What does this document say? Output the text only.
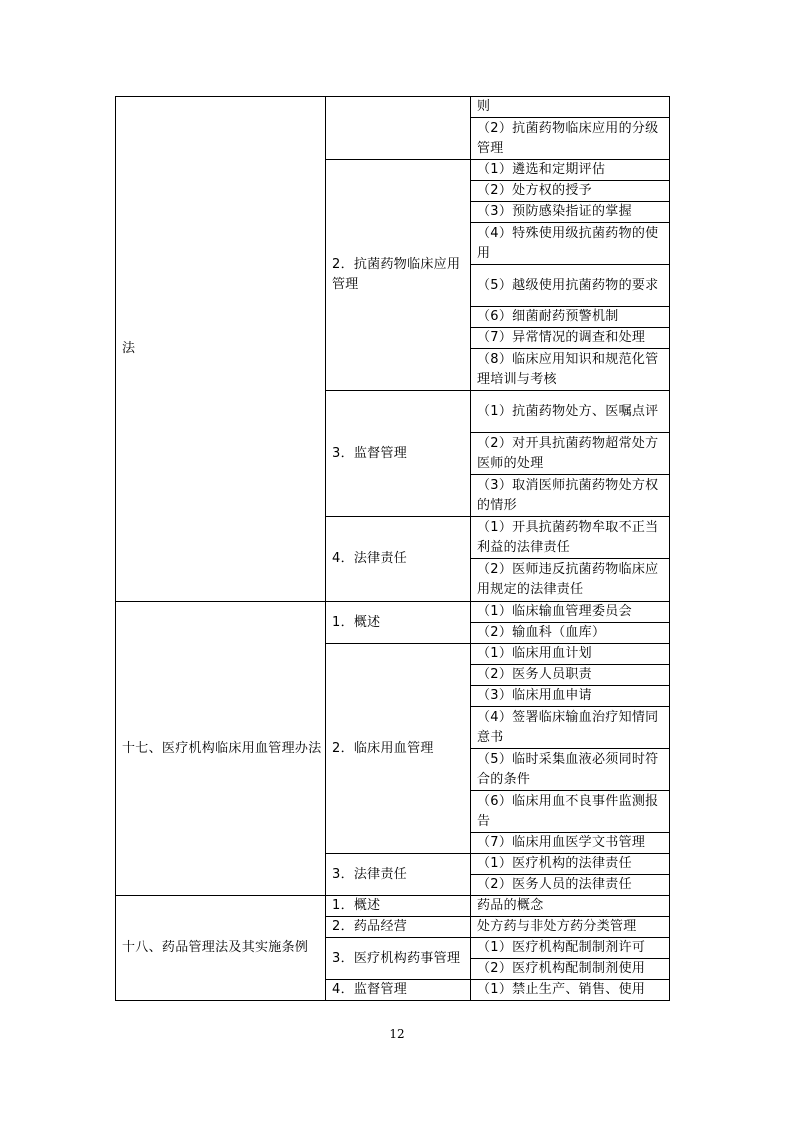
法		则
		（2）抗菌药物临床应用的分级管理
	2．抗菌药物临床应用管理	（1）遴选和定期评估
		（2）处方权的授予
		（3）预防感染指证的掌握
		（4）特殊使用级抗菌药物的使用
		（5）越级使用抗菌药物的要求
		（6）细菌耐药预警机制
		（7）异常情况的调查和处理
		（8）临床应用知识和规范化管理培训与考核
	3．监督管理	（1）抗菌药物处方、医嘱点评
		（2）对开具抗菌药物超常处方医师的处理
		（3）取消医师抗菌药物处方权的情形
	4．法律责任	（1）开具抗菌药物牟取不正当利益的法律责任
		（2）医师违反抗菌药物临床应用规定的法律责任
十七、医疗机构临床用血管理办法	1．概述	（1）临床输血管理委员会
		（2）输血科（血库）
	2．临床用血管理	（1）临床用血计划
		（2）医务人员职责
		（3）临床用血申请
		（4）签署临床输血治疗知情同意书
		（5）临时采集血液必须同时符合的条件
		（6）临床用血不良事件监测报告
		（7）临床用血医学文书管理
	3．法律责任	（1）医疗机构的法律责任
		（2）医务人员的法律责任
十八、药品管理法及其实施条例	1．概述	药品的概念
	2．药品经营	处方药与非处方药分类管理
	3．医疗机构药事管理	（1）医疗机构配制制剂许可
		（2）医疗机构配制制剂使用
	4．监督管理	（1）禁止生产、销售、使用
12
